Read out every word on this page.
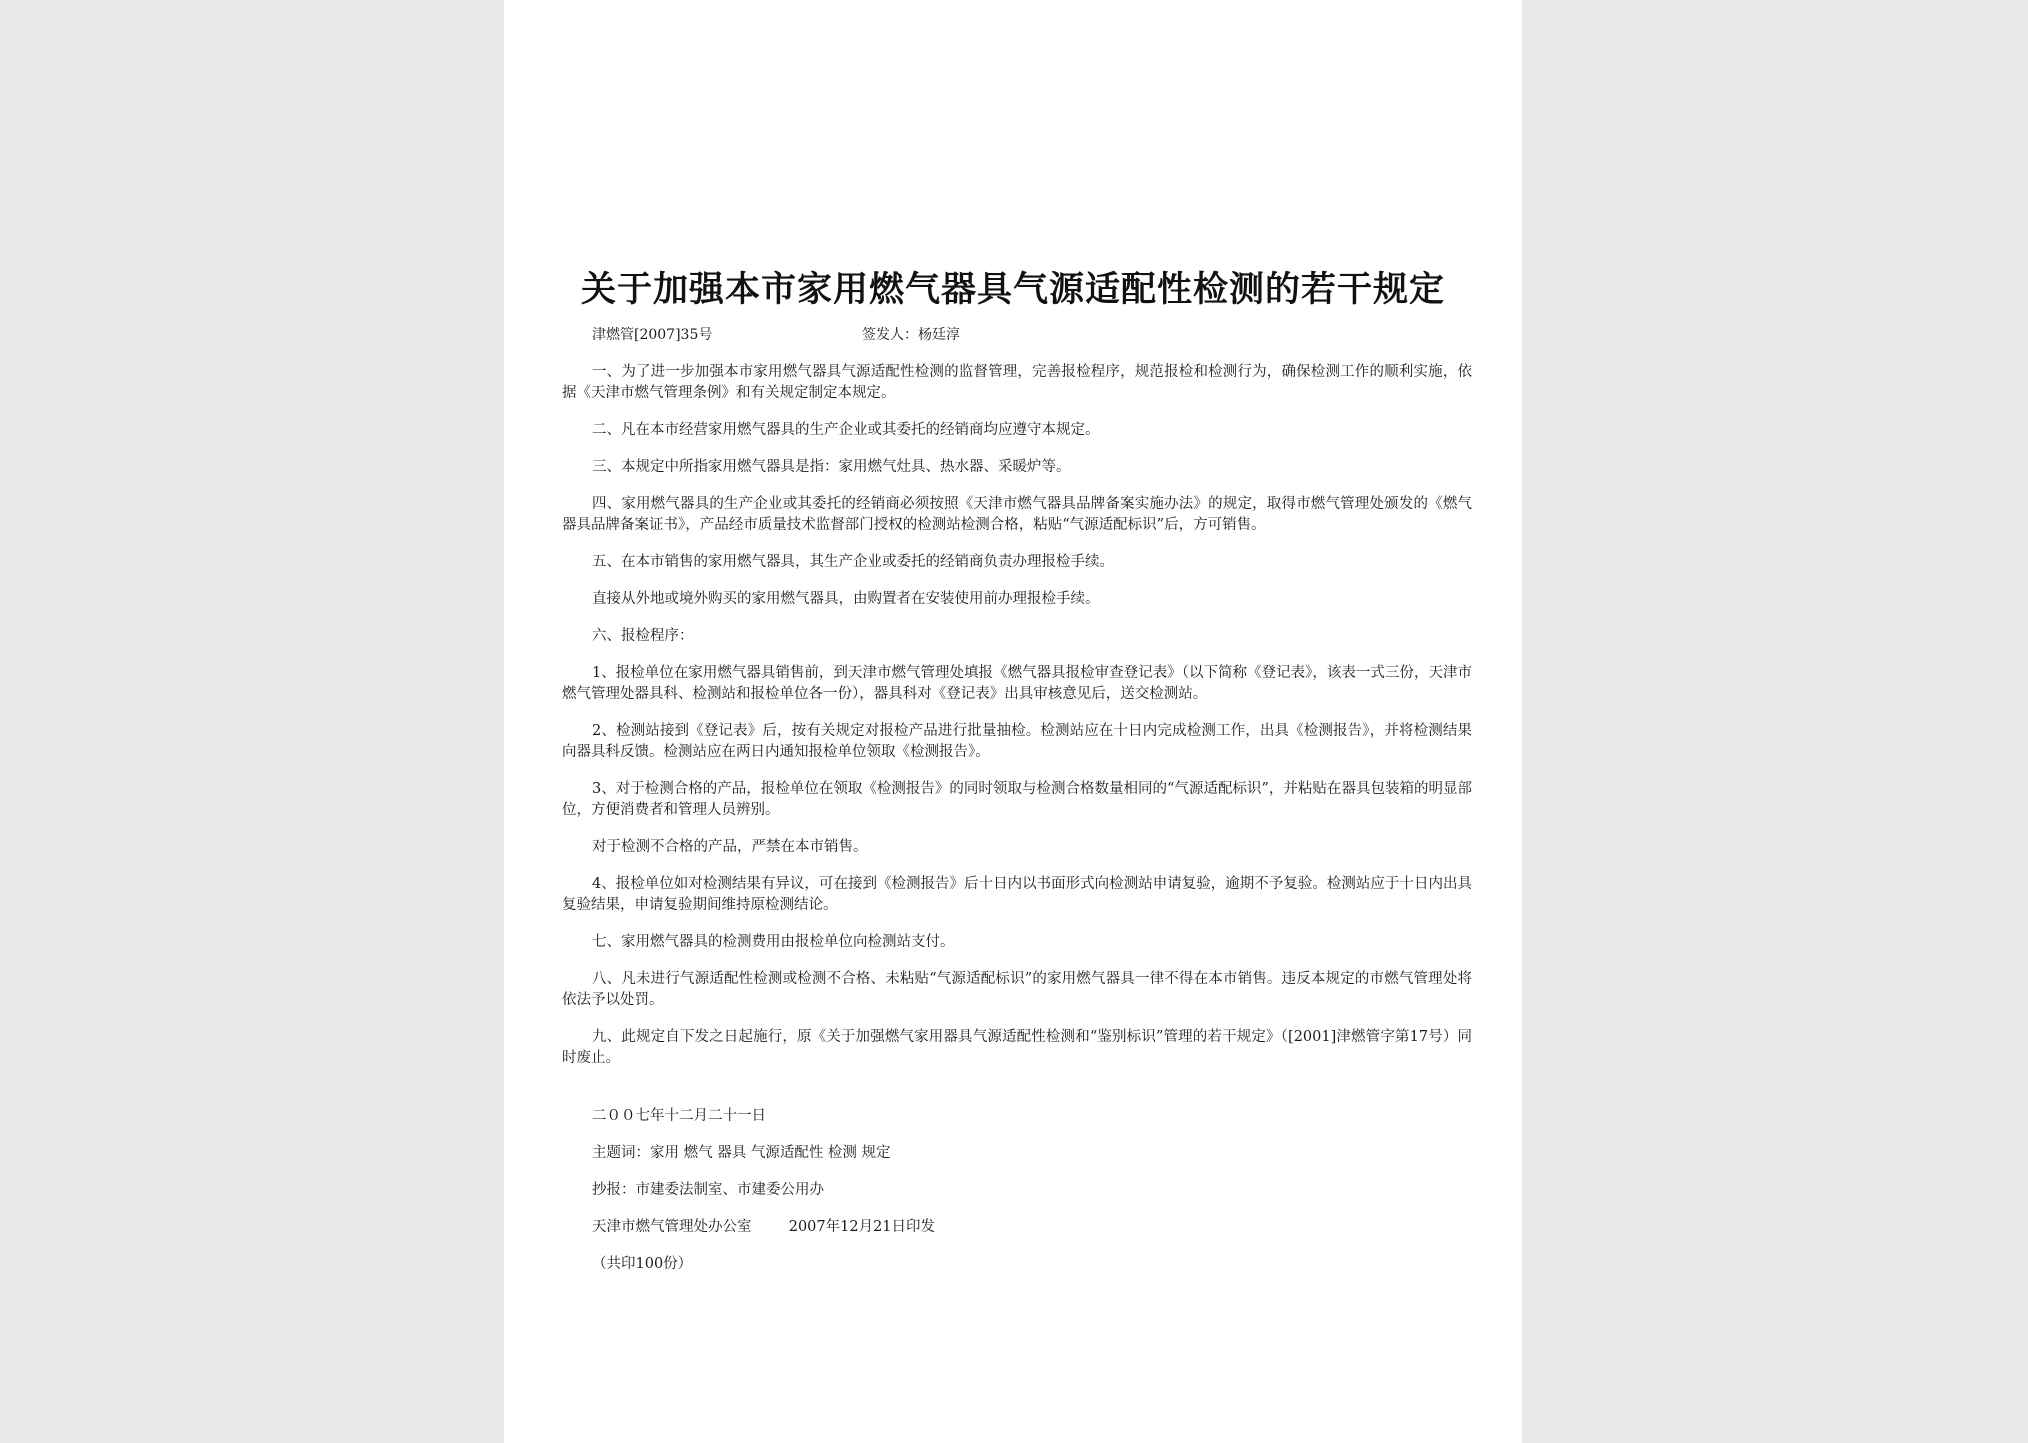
关于加强本市家用燃气器具气源适配性检测的若干规定
津燃管[2007]35号	签发人：杨廷淳

一、为了进一步加强本市家用燃气器具气源适配性检测的监督管理，完善报检程序，规范报检和检测行为，确保检测工作的顺利实施，依据《天津市燃气管理条例》和有关规定制定本规定。

二、凡在本市经营家用燃气器具的生产企业或其委托的经销商均应遵守本规定。

三、本规定中所指家用燃气器具是指：家用燃气灶具、热水器、采暖炉等。

四、家用燃气器具的生产企业或其委托的经销商必须按照《天津市燃气器具品牌备案实施办法》的规定，取得市燃气管理处颁发的《燃气器具品牌备案证书》，产品经市质量技术监督部门授权的检测站检测合格，粘贴“气源适配标识”后，方可销售。

五、在本市销售的家用燃气器具，其生产企业或委托的经销商负责办理报检手续。

直接从外地或境外购买的家用燃气器具，由购置者在安装使用前办理报检手续。

六、报检程序：

1、报检单位在家用燃气器具销售前，到天津市燃气管理处填报《燃气器具报检审查登记表》（以下简称《登记表》，该表一式三份，天津市燃气管理处器具科、检测站和报检单位各一份），器具科对《登记表》出具审核意见后，送交检测站。

2、检测站接到《登记表》后，按有关规定对报检产品进行批量抽检。检测站应在十日内完成检测工作，出具《检测报告》，并将检测结果向器具科反馈。检测站应在两日内通知报检单位领取《检测报告》。

3、对于检测合格的产品，报检单位在领取《检测报告》的同时领取与检测合格数量相同的“气源适配标识”，并粘贴在器具包装箱的明显部位，方便消费者和管理人员辨别。

对于检测不合格的产品，严禁在本市销售。

4、报检单位如对检测结果有异议，可在接到《检测报告》后十日内以书面形式向检测站申请复验，逾期不予复验。检测站应于十日内出具复验结果，申请复验期间维持原检测结论。

七、家用燃气器具的检测费用由报检单位向检测站支付。

八、凡未进行气源适配性检测或检测不合格、未粘贴“气源适配标识”的家用燃气器具一律不得在本市销售。违反本规定的市燃气管理处将依法予以处罚。

九、此规定自下发之日起施行，原《关于加强燃气家用器具气源适配性检测和“鉴别标识”管理的若干规定》（[2001]津燃管字第17号）同时废止。

二００七年十二月二十一日
主题词：家用 燃气 器具 气源适配性 检测 规定
抄报：市建委法制室、市建委公用办
天津市燃气管理处办公室	2007年12月21日印发
（共印100份）
